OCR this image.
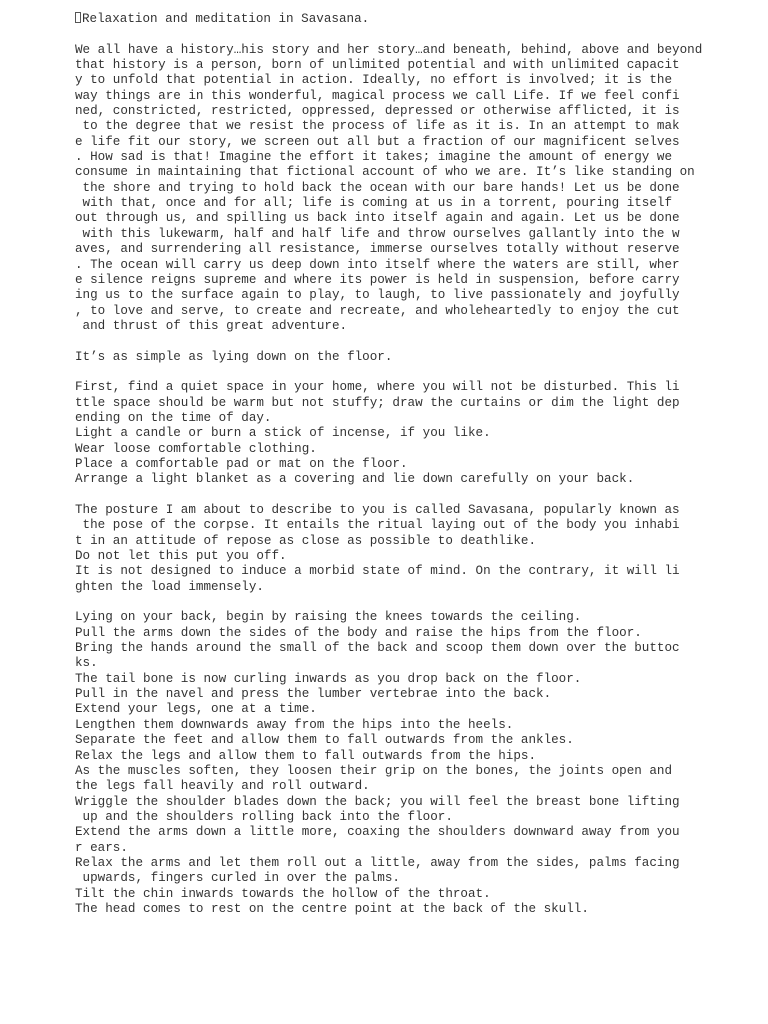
Relaxation and meditation in Savasana.
We all have a history…his story and her story…and beneath, behind, above and beyond
that history is a person, born of unlimited potential and with unlimited capacit
y to unfold that potential in action. Ideally, no effort is involved; it is the
way things are in this wonderful, magical process we call Life. If we feel confi
ned, constricted, restricted, oppressed, depressed or otherwise afflicted, it is
to the degree that we resist the process of life as it is. In an attempt to mak
e life fit our story, we screen out all but a fraction of our magnificent selves
. How sad is that! Imagine the effort it takes; imagine the amount of energy we
consume in maintaining that fictional account of who we are. It’s like standing on
the shore and trying to hold back the ocean with our bare hands! Let us be done
with that, once and for all; life is coming at us in a torrent, pouring itself
out through us, and spilling us back into itself again and again. Let us be done
with this lukewarm, half and half life and throw ourselves gallantly into the w
aves, and surrendering all resistance, immerse ourselves totally without reserve
. The ocean will carry us deep down into itself where the waters are still, wher
e silence reigns supreme and where its power is held in suspension, before carry
ing us to the surface again to play, to laugh, to live passionately and joyfully
, to love and serve, to create and recreate, and wholeheartedly to enjoy the cut
and thrust of this great adventure.
It’s as simple as lying down on the floor.
First, find a quiet space in your home, where you will not be disturbed. This li
ttle space should be warm but not stuffy; draw the curtains or dim the light dep
ending on the time of day.
Light a candle or burn a stick of incense, if you like.
Wear loose comfortable clothing.
Place a comfortable pad or mat on the floor.
Arrange a light blanket as a covering and lie down carefully on your back.
The posture I am about to describe to you is called Savasana, popularly known as
the pose of the corpse. It entails the ritual laying out of the body you inhabi
t in an attitude of repose as close as possible to deathlike.
Do not let this put you off.
It is not designed to induce a morbid state of mind. On the contrary, it will li
ghten the load immensely.
Lying on your back, begin by raising the knees towards the ceiling.
Pull the arms down the sides of the body and raise the hips from the floor.
Bring the hands around the small of the back and scoop them down over the buttoc
ks.
The tail bone is now curling inwards as you drop back on the floor.
Pull in the navel and press the lumber vertebrae into the back.
Extend your legs, one at a time.
Lengthen them downwards away from the hips into the heels.
Separate the feet and allow them to fall outwards from the ankles.
Relax the legs and allow them to fall outwards from the hips.
As the muscles soften, they loosen their grip on the bones, the joints open and
the legs fall heavily and roll outward.
Wriggle the shoulder blades down the back; you will feel the breast bone lifting
up and the shoulders rolling back into the floor.
Extend the arms down a little more, coaxing the shoulders downward away from you
r ears.
Relax the arms and let them roll out a little, away from the sides, palms facing
upwards, fingers curled in over the palms.
Tilt the chin inwards towards the hollow of the throat.
The head comes to rest on the centre point at the back of the skull.
